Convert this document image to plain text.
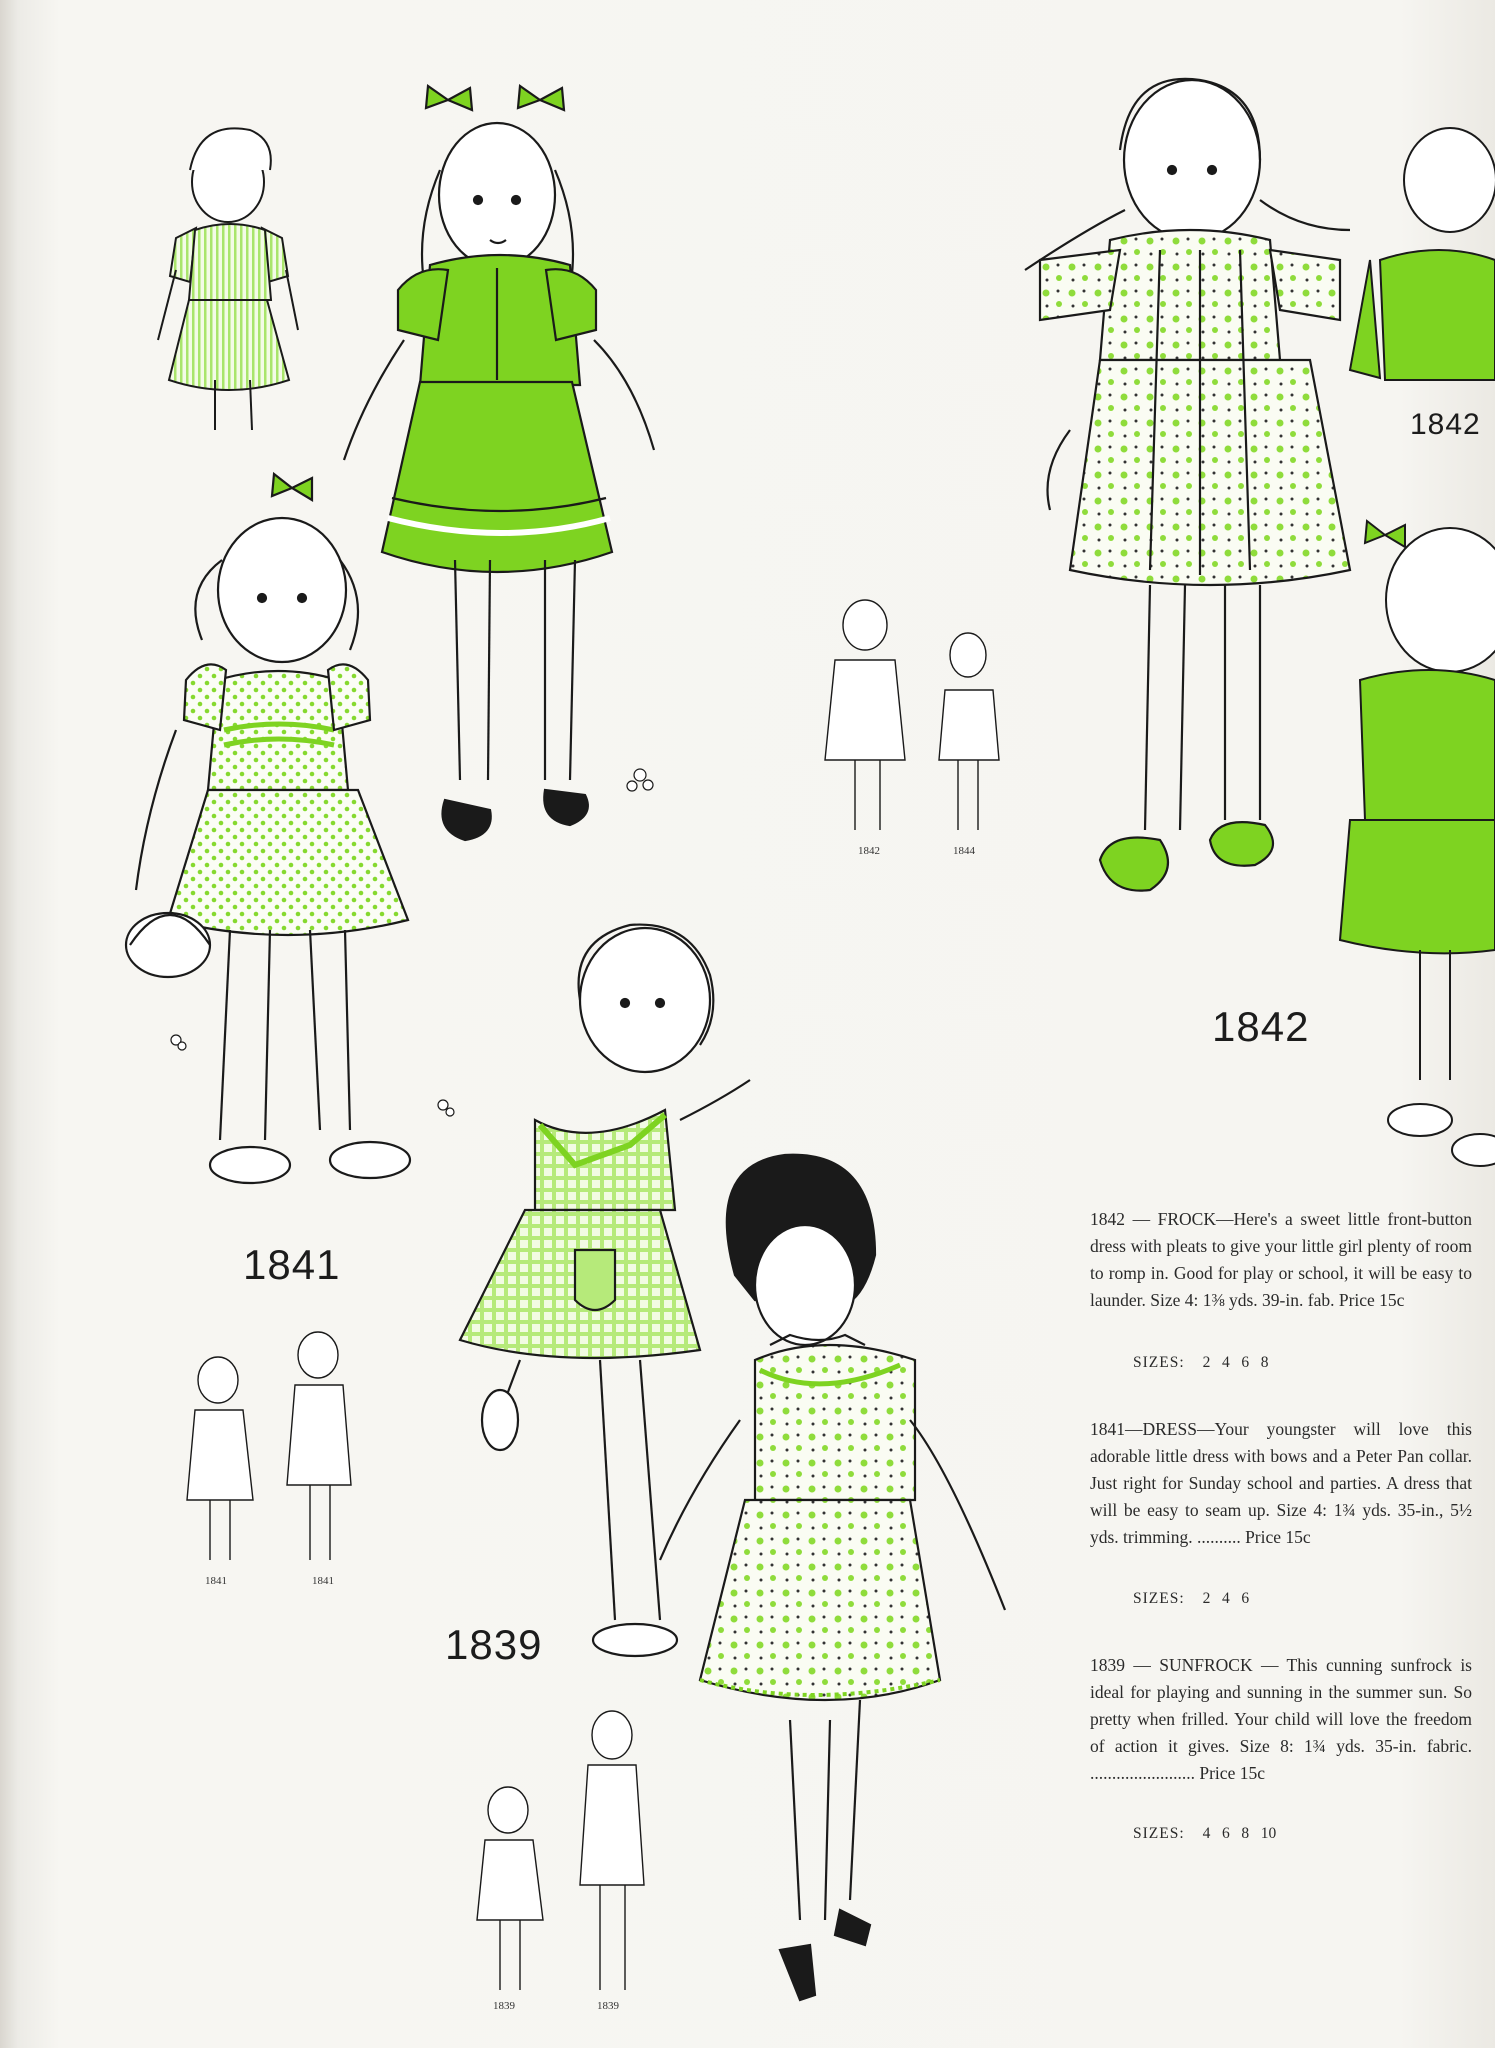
1842
1842
1841
1839
1842	1844
1841	1841
1839	1839
1842 — FROCK—Here's a sweet little front-button dress with pleats to give your little girl plenty of room to romp in. Good for play or school, it will be easy to launder. Size 4: 1⅜ yds. 39-in. fab. Price 15c
SIZES: 2   4   6   8
1841—DRESS—Your youngster will love this adorable little dress with bows and a Peter Pan collar. Just right for Sunday school and parties. A dress that will be easy to seam up. Size 4: 1¾ yds. 35-in., 5½ yds. trimming. .......... Price 15c
SIZES: 2   4   6
1839 — SUNFROCK — This cunning sunfrock is ideal for playing and sunning in the summer sun. So pretty when frilled. Your child will love the freedom of action it gives. Size 8: 1¾ yds. 35-in. fabric. ........................ Price 15c
SIZES: 4   6   8   10
